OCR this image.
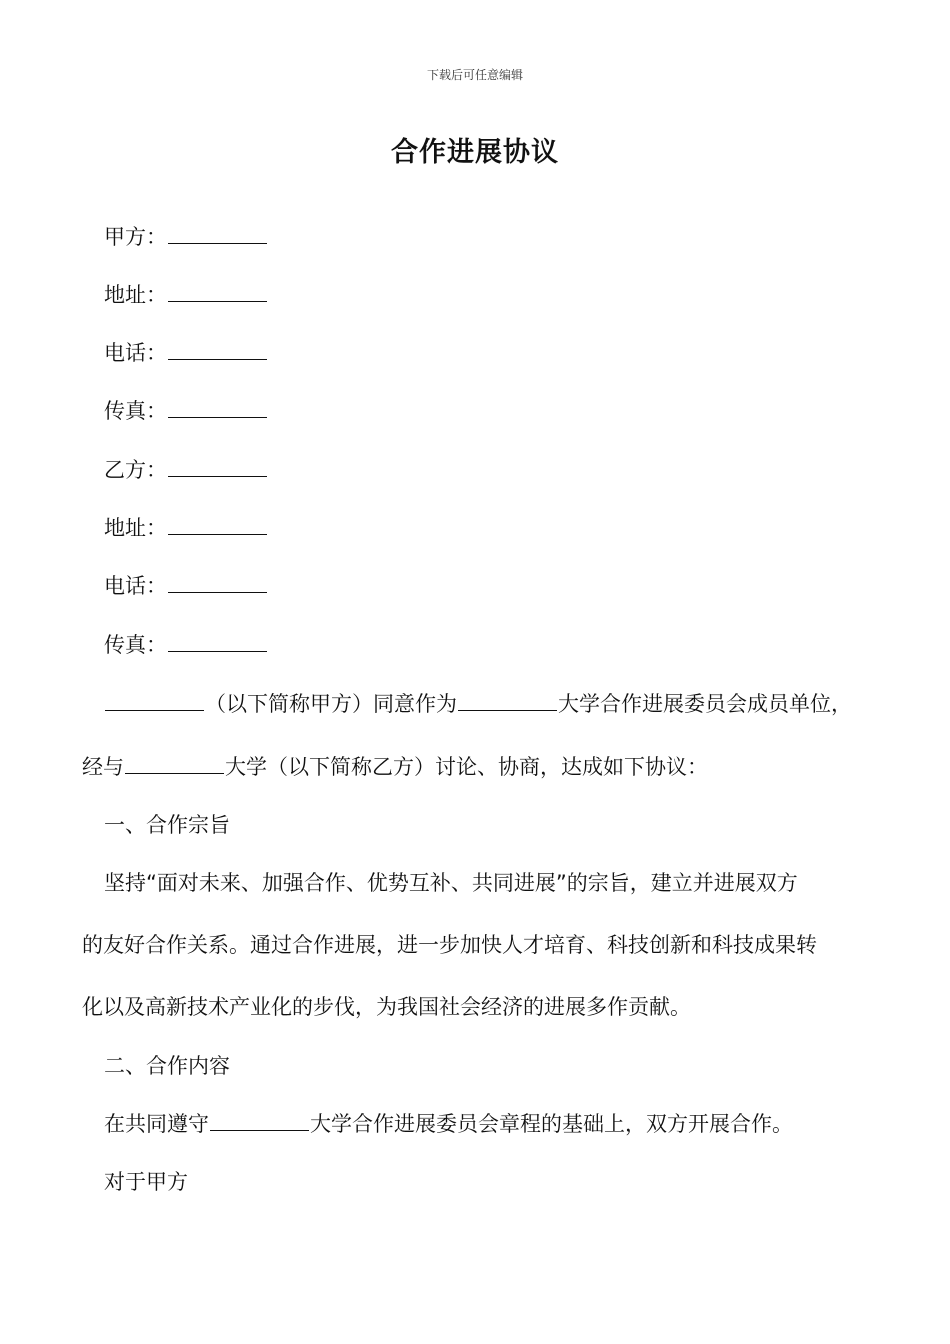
下载后可任意编辑
合作进展协议
甲方：
地址：
电话：
传真：
乙方：
地址：
电话：
传真：
（以下简称甲方）同意作为	大学合作进展委员会成员单位，
经与	大学（以下简称乙方）讨论、协商，达成如下协议：
一、合作宗旨
坚持“面对未来、加强合作、优势互补、共同进展”的宗旨，建立并进展双方
的友好合作关系。通过合作进展，进一步加快人才培育、科技创新和科技成果转
化以及高新技术产业化的步伐，为我国社会经济的进展多作贡献。
二、合作内容
在共同遵守	大学合作进展委员会章程的基础上，双方开展合作。
对于甲方
